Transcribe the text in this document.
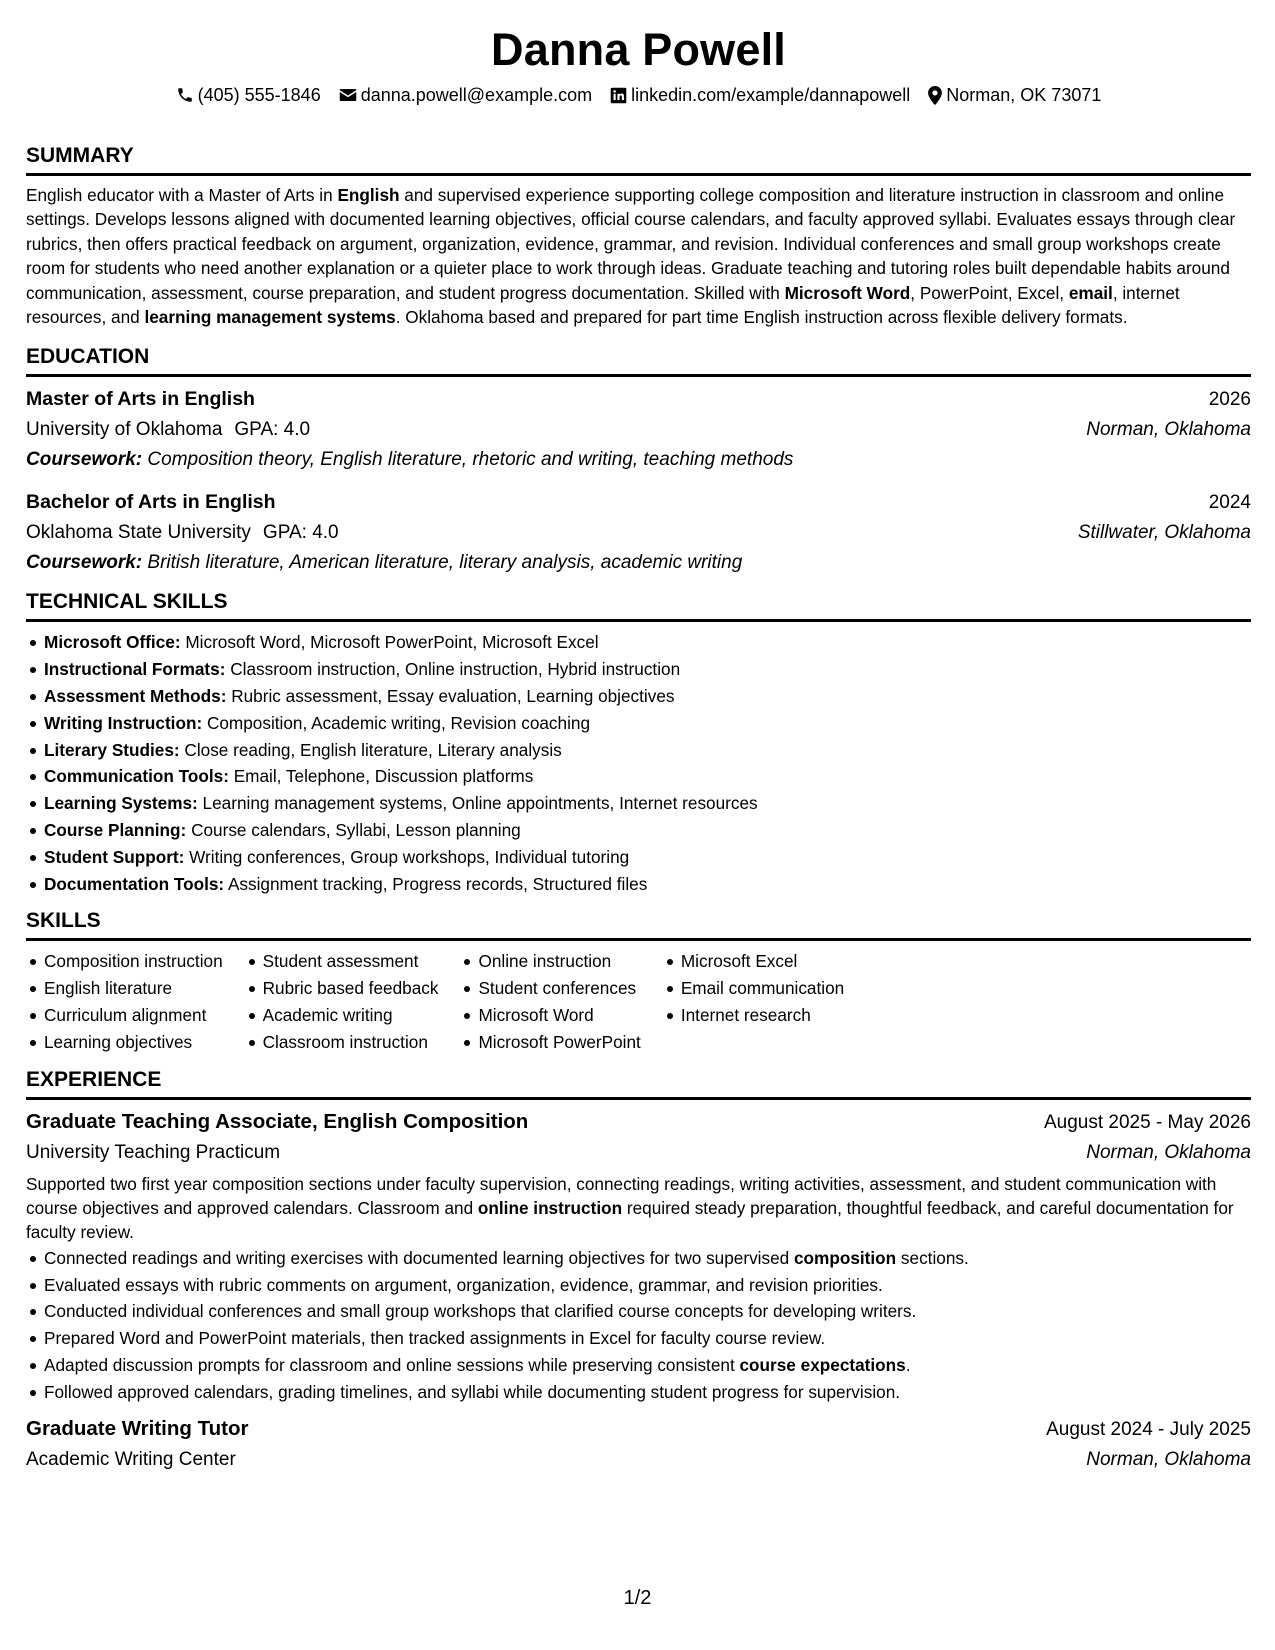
Danna Powell
(405) 555-1846 danna.powell@example.com linkedin.com/example/dannapowell Norman, OK 73071
SUMMARY

English educator with a Master of Arts in English and supervised experience supporting college composition and literature instruction in classroom and online settings. Develops lessons aligned with documented learning objectives, official course calendars, and faculty approved syllabi. Evaluates essays through clear rubrics, then offers practical feedback on argument, organization, evidence, grammar, and revision. Individual conferences and small group workshops create room for students who need another explanation or a quieter place to work through ideas. Graduate teaching and tutoring roles built dependable habits around communication, assessment, course preparation, and student progress documentation. Skilled with Microsoft Word, PowerPoint, Excel, email, internet resources, and learning management systems. Oklahoma based and prepared for part time English instruction across flexible delivery formats.

EDUCATION
Master of Arts in English	2026
University of Oklahoma GPA: 4.0	Norman, Oklahoma
Coursework: Composition theory, English literature, rhetoric and writing, teaching methods
Bachelor of Arts in English	2024
Oklahoma State University GPA: 4.0	Stillwater, Oklahoma
Coursework: British literature, American literature, literary analysis, academic writing
TECHNICAL SKILLS
Microsoft Office: Microsoft Word, Microsoft PowerPoint, Microsoft Excel
Instructional Formats: Classroom instruction, Online instruction, Hybrid instruction
Assessment Methods: Rubric assessment, Essay evaluation, Learning objectives
Writing Instruction: Composition, Academic writing, Revision coaching
Literary Studies: Close reading, English literature, Literary analysis
Communication Tools: Email, Telephone, Discussion platforms
Learning Systems: Learning management systems, Online appointments, Internet resources
Course Planning: Course calendars, Syllabi, Lesson planning
Student Support: Writing conferences, Group workshops, Individual tutoring
Documentation Tools: Assignment tracking, Progress records, Structured files
SKILLS
Composition instruction
English literature
Curriculum alignment
Learning objectives
Student assessment
Rubric based feedback
Academic writing
Classroom instruction
Online instruction
Student conferences
Microsoft Word
Microsoft PowerPoint
Microsoft Excel
Email communication
Internet research
EXPERIENCE
Graduate Teaching Associate, English Composition	August 2025 - May 2026
University Teaching Practicum	Norman, Oklahoma

Supported two first year composition sections under faculty supervision, connecting readings, writing activities, assessment, and student communication with course objectives and approved calendars. Classroom and online instruction required steady preparation, thoughtful feedback, and careful documentation for faculty review.

Connected readings and writing exercises with documented learning objectives for two supervised composition sections.
Evaluated essays with rubric comments on argument, organization, evidence, grammar, and revision priorities.
Conducted individual conferences and small group workshops that clarified course concepts for developing writers.
Prepared Word and PowerPoint materials, then tracked assignments in Excel for faculty course review.
Adapted discussion prompts for classroom and online sessions while preserving consistent course expectations.
Followed approved calendars, grading timelines, and syllabi while documenting student progress for supervision.
Graduate Writing Tutor	August 2024 - July 2025
Academic Writing Center	Norman, Oklahoma
1/2
